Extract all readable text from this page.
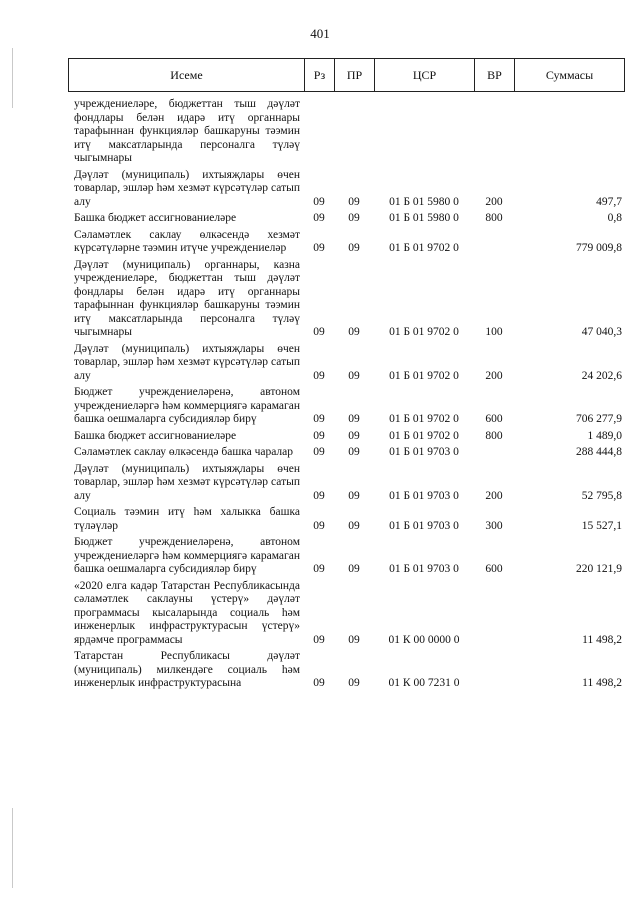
401
Исеме	Рз	ПР	ЦСР	ВР	Суммасы
учреждениеләре, бюджеттан тыш дәүләт фондлары белән идарә итү органнары тарафыннан функцияләр башкаруны тәэмин итү максатларында персоналга түләү чыгымнары					
Дәүләт (муниципаль) ихтыяҗлары өчен товарлар, эшләр һәм хезмәт күрсәтүләр сатып алу	09	09	01 Б 01 5980 0	200	497,7
Башка бюджет ассигнованиеләре	09	09	01 Б 01 5980 0	800	0,8
Сәламәтлек саклау өлкәсендә хезмәт күрсәтүләрне тәэмин итүче учреждениеләр	09	09	01 Б 01 9702 0		779 009,8
Дәүләт (муниципаль) органнары, казна учреждениеләре, бюджеттан тыш дәүләт фондлары белән идарә итү органнары тарафыннан функцияләр башкаруны тәэмин итү максатларында персоналга түләү чыгымнары	09	09	01 Б 01 9702 0	100	47 040,3
Дәүләт (муниципаль) ихтыяҗлары өчен товарлар, эшләр һәм хезмәт күрсәтүләр сатып алу	09	09	01 Б 01 9702 0	200	24 202,6
Бюджет учреждениеләренә, автоном учреждениеләргә һәм коммерциягә карамаган башка оешмаларга субсидияләр бирү	09	09	01 Б 01 9702 0	600	706 277,9
Башка бюджет ассигнованиеләре	09	09	01 Б 01 9702 0	800	1 489,0
Сәламәтлек саклау өлкәсендә башка чаралар	09	09	01 Б 01 9703 0		288 444,8
Дәүләт (муниципаль) ихтыяҗлары өчен товарлар, эшләр һәм хезмәт күрсәтүләр сатып алу	09	09	01 Б 01 9703 0	200	52 795,8
Социаль тәэмин итү һәм халыкка башка түләүләр	09	09	01 Б 01 9703 0	300	15 527,1
Бюджет учреждениеләренә, автоном учреждениеләргә һәм коммерциягә карамаган башка оешмаларга субсидияләр бирү	09	09	01 Б 01 9703 0	600	220 121,9
«2020 елга кадәр Татарстан Республикасында сәламәтлек саклауны үстерү» дәүләт программасы кысаларында социаль һәм инженерлык инфраструктурасын үстерү» ярдәмче программасы	09	09	01 К 00 0000 0		11 498,2
Татарстан Республикасы дәүләт (муниципаль) милкендәге социаль һәм инженерлык инфраструктурасына	09	09	01 К 00 7231 0		11 498,2
